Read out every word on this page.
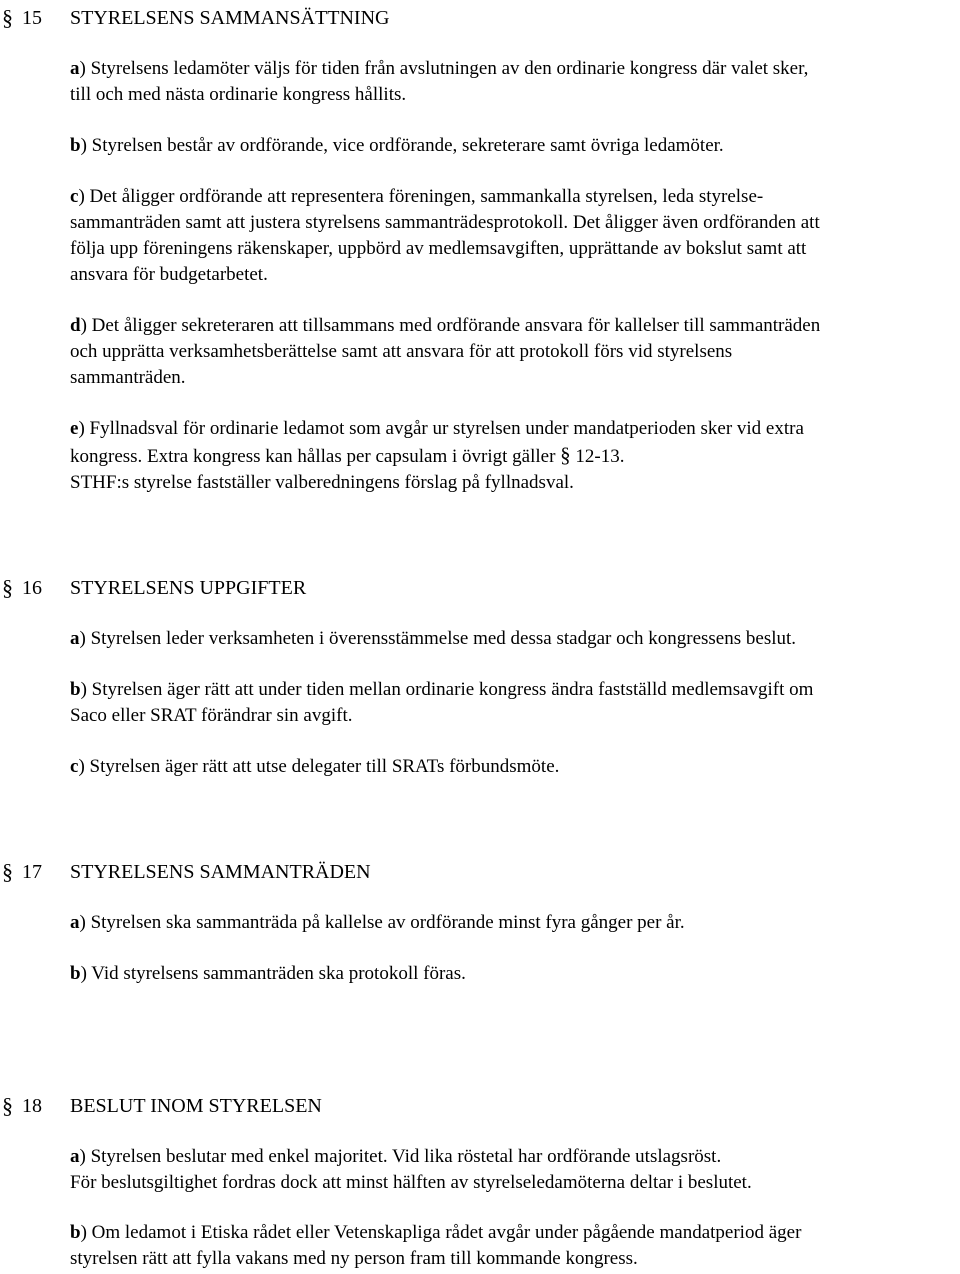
§ 15 STYRELSENS SAMMANSÄTTNING

a) Styrelsens ledamöter väljs för tiden från avslutningen av den ordinarie kongress där valet sker,
till och med nästa ordinarie kongress hållits.

b) Styrelsen består av ordförande, vice ordförande, sekreterare samt övriga ledamöter.

c) Det åligger ordförande att representera föreningen, sammankalla styrelsen, leda styrelse-
sammanträden samt att justera styrelsens sammanträdesprotokoll. Det åligger även ordföranden att
följa upp föreningens räkenskaper, uppbörd av medlemsavgiften, upprättande av bokslut samt att
ansvara för budgetarbetet.

d) Det åligger sekreteraren att tillsammans med ordförande ansvara för kallelser till sammanträden
och upprätta verksamhetsberättelse samt att ansvara för att protokoll förs vid styrelsens
sammanträden.

e) Fyllnadsval för ordinarie ledamot som avgår ur styrelsen under mandatperioden sker vid extra
kongress. Extra kongress kan hållas per capsulam i övrigt gäller § 12-13.
STHF:s styrelse fastställer valberedningens förslag på fyllnadsval.

§ 16 STYRELSENS UPPGIFTER

a) Styrelsen leder verksamheten i överensstämmelse med dessa stadgar och kongressens beslut.

b) Styrelsen äger rätt att under tiden mellan ordinarie kongress ändra fastställd medlemsavgift om
Saco eller SRAT förändrar sin avgift.

c) Styrelsen äger rätt att utse delegater till SRATs förbundsmöte.

§ 17 STYRELSENS SAMMANTRÄDEN

a) Styrelsen ska sammanträda på kallelse av ordförande minst fyra gånger per år.

b) Vid styrelsens sammanträden ska protokoll föras.

§ 18 BESLUT INOM STYRELSEN

a) Styrelsen beslutar med enkel majoritet. Vid lika röstetal har ordförande utslagsröst.
För beslutsgiltighet fordras dock att minst hälften av styrelseledamöterna deltar i beslutet.

b) Om ledamot i Etiska rådet eller Vetenskapliga rådet avgår under pågående mandatperiod äger
styrelsen rätt att fylla vakans med ny person fram till kommande kongress.
